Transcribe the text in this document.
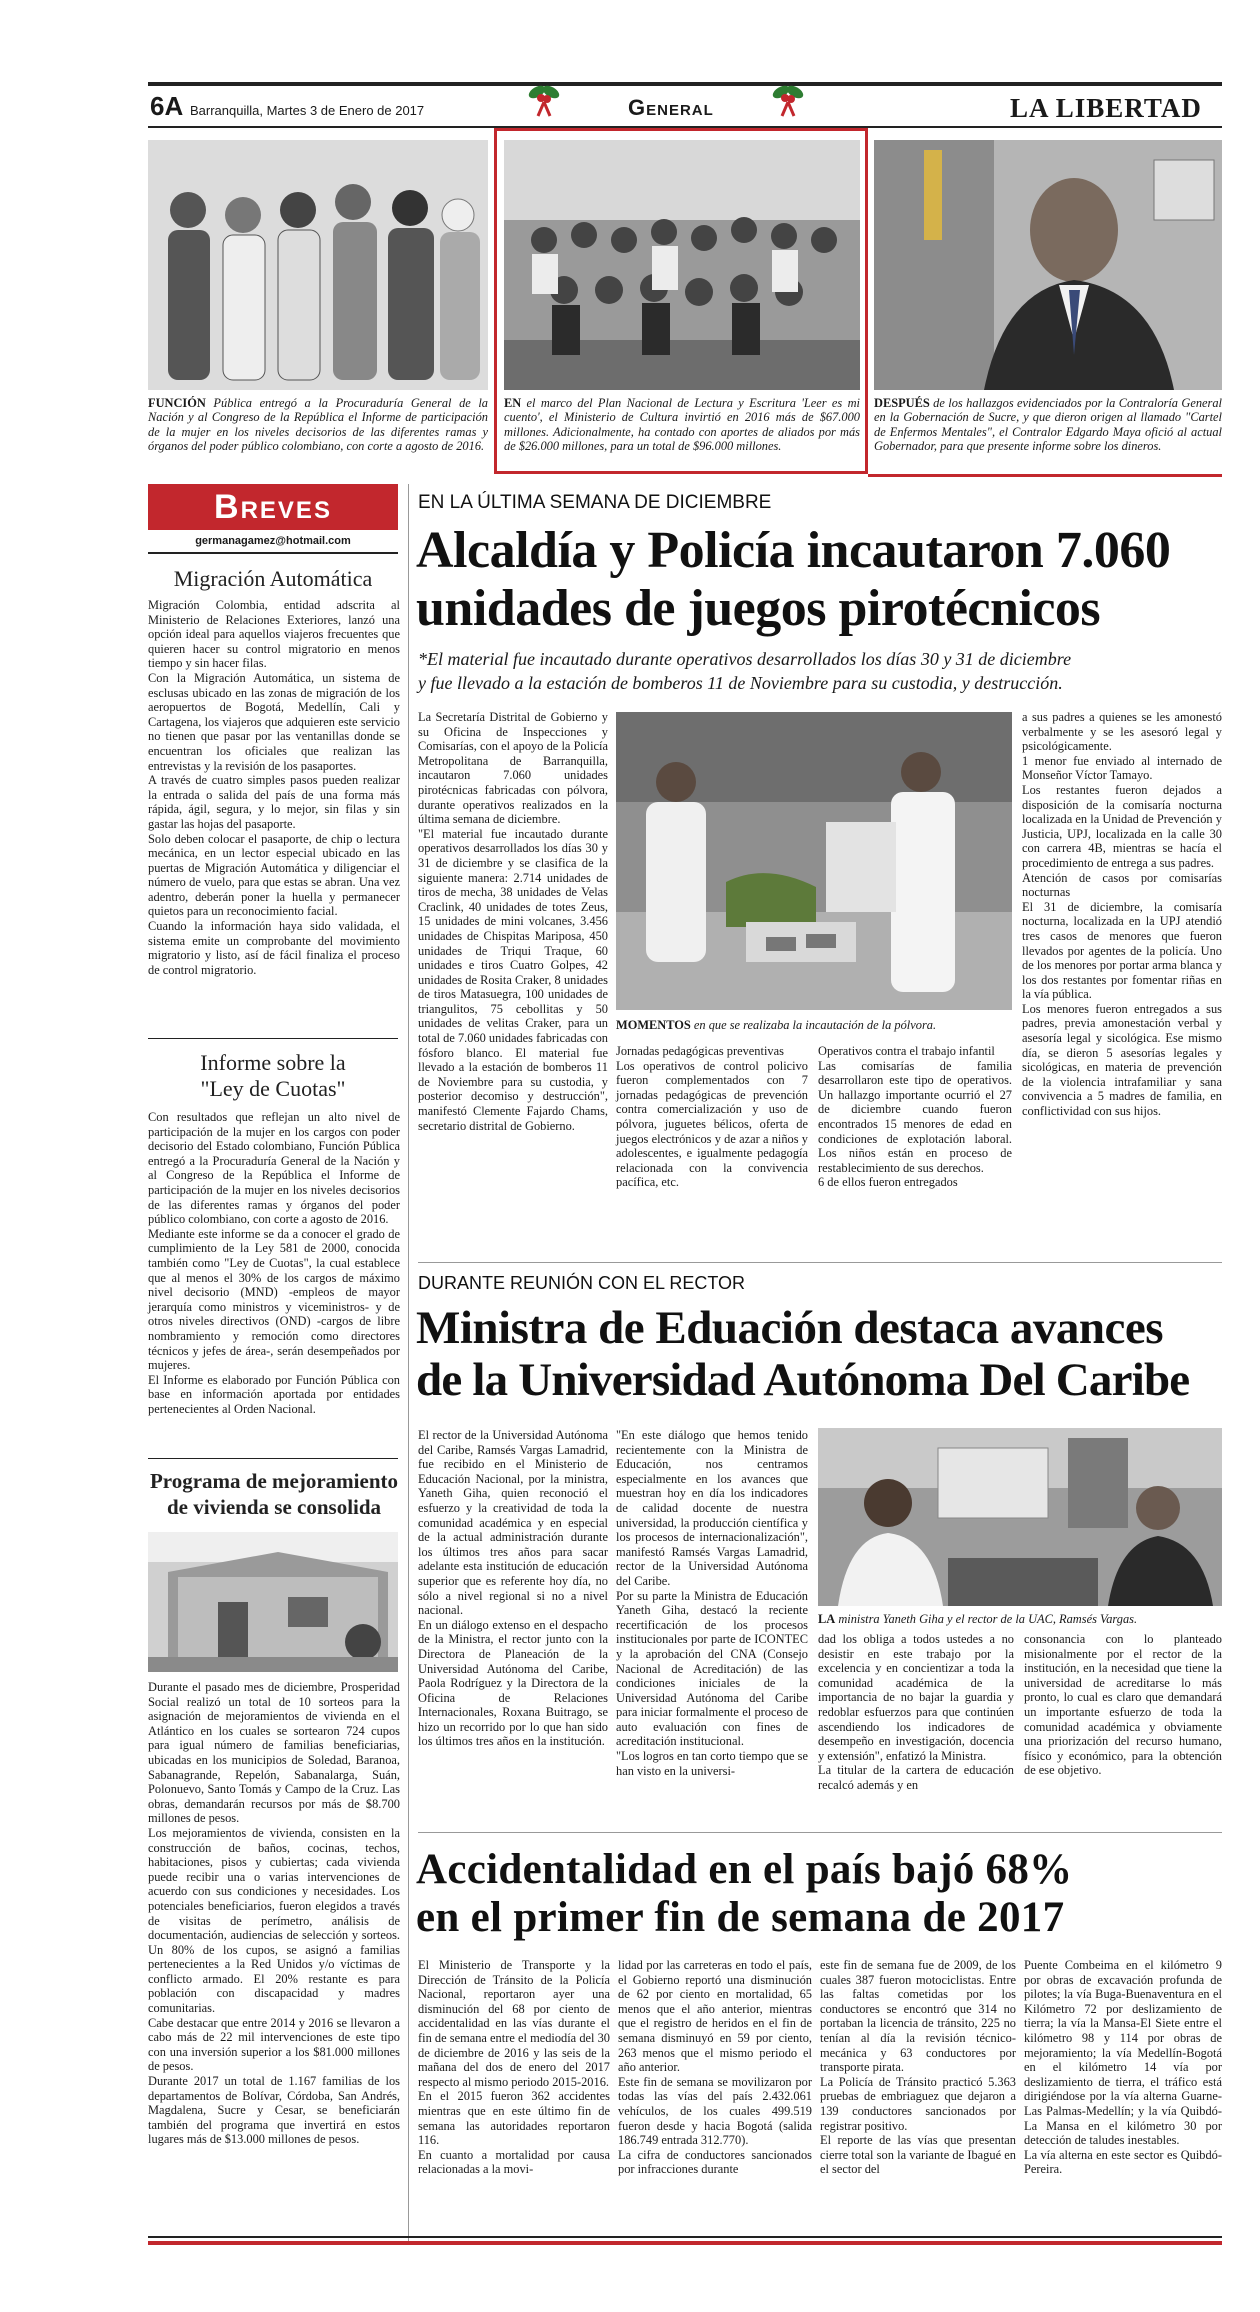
6A Barranquilla, Martes 3 de Enero de 2017	General	LA LIBERTAD
FUNCIÓN Pública entregó a la Procuraduría General de la Nación y al Congreso de la República el Informe de participación de la mujer en los niveles decisorios de las diferentes ramas y órganos del poder público colombiano, con corte a agosto de 2016.
EN el marco del Plan Nacional de Lectura y Escritura 'Leer es mi cuento', el Ministerio de Cultura invirtió en 2016 más de $67.000 millones. Adicionalmente, ha contado con aportes de aliados por más de $26.000 millones, para un total de $96.000 millones.
DESPUÉS de los hallazgos evidenciados por la Contraloría General en la Gobernación de Sucre, y que dieron origen al llamado "Cartel de Enfermos Mentales", el Contralor Edgardo Maya ofició al actual Gobernador, para que presente informe sobre los dineros.
Breves
germanagamez@hotmail.com
Migración Automática

Migración Colombia, entidad adscrita al Ministerio de Relaciones Exteriores, lanzó una opción ideal para aquellos viajeros frecuentes que quieren hacer su control migratorio en menos tiempo y sin hacer filas.

Con la Migración Automática, un sistema de esclusas ubicado en las zonas de migración de los aeropuertos de Bogotá, Medellín, Cali y Cartagena, los viajeros que adquieren este servicio no tienen que pasar por las ventanillas donde se encuentran los oficiales que realizan las entrevistas y la revisión de los pasaportes.

A través de cuatro simples pasos pueden realizar la entrada o salida del país de una forma más rápida, ágil, segura, y lo mejor, sin filas y sin gastar las hojas del pasaporte.

Solo deben colocar el pasaporte, de chip o lectura mecánica, en un lector especial ubicado en las puertas de Migración Automática y diligenciar el número de vuelo, para que estas se abran. Una vez adentro, deberán poner la huella y permanecer quietos para un reconocimiento facial.

Cuando la información haya sido validada, el sistema emite un comprobante del movimiento migratorio y listo, así de fácil finaliza el proceso de control migratorio.

Informe sobre la "Ley de Cuotas"

Con resultados que reflejan un alto nivel de participación de la mujer en los cargos con poder decisorio del Estado colombiano, Función Pública entregó a la Procuraduría General de la Nación y al Congreso de la República el Informe de participación de la mujer en los niveles decisorios de las diferentes ramas y órganos del poder público colombiano, con corte a agosto de 2016.

Mediante este informe se da a conocer el grado de cumplimiento de la Ley 581 de 2000, conocida también como "Ley de Cuotas", la cual establece que al menos el 30% de los cargos de máximo nivel decisorio (MND) -empleos de mayor jerarquía como ministros y viceministros- y de otros niveles directivos (OND) -cargos de libre nombramiento y remoción como directores técnicos y jefes de área-, serán desempeñados por mujeres.

El Informe es elaborado por Función Pública con base en información aportada por entidades pertenecientes al Orden Nacional.

Programa de mejoramiento de vivienda se consolida

Durante el pasado mes de diciembre, Prosperidad Social realizó un total de 10 sorteos para la asignación de mejoramientos de vivienda en el Atlántico en los cuales se sortearon 724 cupos para igual número de familias beneficiarias, ubicadas en los municipios de Soledad, Baranoa, Sabanagrande, Repelón, Sabanalarga, Suán, Polonuevo, Santo Tomás y Campo de la Cruz. Las obras, demandarán recursos por más de $8.700 millones de pesos.

Los mejoramientos de vivienda, consisten en la construcción de baños, cocinas, techos, habitaciones, pisos y cubiertas; cada vivienda puede recibir una o varias intervenciones de acuerdo con sus condiciones y necesidades. Los potenciales beneficiarios, fueron elegidos a través de visitas de perímetro, análisis de documentación, audiencias de selección y sorteos. Un 80% de los cupos, se asignó a familias pertenecientes a la Red Unidos y/o víctimas de conflicto armado. El 20% restante es para población con discapacidad y madres comunitarias.

Cabe destacar que entre 2014 y 2016 se llevaron a cabo más de 22 mil intervenciones de este tipo con una inversión superior a los $81.000 millones de pesos.

Durante 2017 un total de 1.167 familias de los departamentos de Bolívar, Córdoba, San Andrés, Magdalena, Sucre y Cesar, se beneficiarán también del programa que invertirá en estos lugares más de $13.000 millones de pesos.

EN LA ÚLTIMA SEMANA DE DICIEMBRE
Alcaldía y Policía incautaron 7.060
unidades de juegos pirotécnicos
*El material fue incautado durante operativos desarrollados los días 30 y 31 de diciembre
y fue llevado a la estación de bomberos 11 de Noviembre para su custodia, y destrucción.

La Secretaría Distrital de Gobierno y su Oficina de Inspecciones y Comisarías, con el apoyo de la Policía Metropolitana de Barranquilla, incautaron 7.060 unidades pirotécnicas fabricadas con pólvora, durante operativos realizados en la última semana de diciembre.

"El material fue incautado durante operativos desarrollados los días 30 y 31 de diciembre y se clasifica de la siguiente manera: 2.714 unidades de tiros de mecha, 38 unidades de Velas Craclink, 40 unidades de totes Zeus, 15 unidades de mini volcanes, 3.456 unidades de Chispitas Mariposa, 450 unidades de Triqui Traque, 60 unidades e tiros Cuatro Golpes, 42 unidades de Rosita Craker, 8 unidades de tiros Matasuegra, 100 unidades de triangulitos, 75 cebollitas y 50 unidades de velitas Craker, para un total de 7.060 unidades fabricadas con fósforo blanco. El material fue llevado a la estación de bomberos 11 de Noviembre para su custodia, y posterior decomiso y destrucción", manifestó Clemente Fajardo Chams, secretario distrital de Gobierno.

MOMENTOS en que se realizaba la incautación de la pólvora.

Jornadas pedagógicas preventivas

Los operativos de control policivo fueron complementados con 7 jornadas pedagógicas de prevención contra comercialización y uso de pólvora, juguetes bélicos, oferta de juegos electrónicos y de azar a niños y adolescentes, e igualmente pedagogía relacionada con la convivencia pacífica, etc.

Operativos contra el trabajo infantil

Las comisarías de familia desarrollaron este tipo de operativos. Un hallazgo importante ocurrió el 27 de diciembre cuando fueron encontrados 15 menores de edad en condiciones de explotación laboral. Los niños están en proceso de restablecimiento de sus derechos.

6 de ellos fueron entregados

a sus padres a quienes se les amonestó verbalmente y se les asesoró legal y psicológicamente.

1 menor fue enviado al internado de Monseñor Víctor Tamayo.

Los restantes fueron dejados a disposición de la comisaría nocturna localizada en la Unidad de Prevención y Justicia, UPJ, localizada en la calle 30 con carrera 4B, mientras se hacía el procedimiento de entrega a sus padres.

Atención de casos por comisarías nocturnas

El 31 de diciembre, la comisaría nocturna, localizada en la UPJ atendió tres casos de menores que fueron llevados por agentes de la policía. Uno de los menores por portar arma blanca y los dos restantes por fomentar riñas en la vía pública.

Los menores fueron entregados a sus padres, previa amonestación verbal y asesoría legal y sicológica. Ese mismo día, se dieron 5 asesorías legales y sicológicas, en materia de prevención de la violencia intrafamiliar y sana convivencia a 5 madres de familia, en conflictividad con sus hijos.

DURANTE REUNIÓN CON EL RECTOR
Ministra de Eduación destaca avances
de la Universidad Autónoma Del Caribe

El rector de la Universidad Autónoma del Caribe, Ramsés Vargas Lamadrid, fue recibido en el Ministerio de Educación Nacional, por la ministra, Yaneth Giha, quien reconoció el esfuerzo y la creatividad de toda la comunidad académica y en especial de la actual administración durante los últimos tres años para sacar adelante esta institución de educación superior que es referente hoy día, no sólo a nivel regional si no a nivel nacional.

En un diálogo extenso en el despacho de la Ministra, el rector junto con la Directora de Planeación de la Universidad Autónoma del Caribe, Paola Rodríguez y la Directora de la Oficina de Relaciones Internacionales, Roxana Buitrago, se hizo un recorrido por lo que han sido los últimos tres años en la institución.

"En este diálogo que hemos tenido recientemente con la Ministra de Educación, nos centramos especialmente en los avances que muestran hoy en día los indicadores de calidad docente de nuestra universidad, la producción científica y los procesos de internacionalización", manifestó Ramsés Vargas Lamadrid, rector de la Universidad Autónoma del Caribe.

Por su parte la Ministra de Educación Yaneth Giha, destacó la reciente recertificación de los procesos institucionales por parte de ICONTEC y la aprobación del CNA (Consejo Nacional de Acreditación) de las condiciones iniciales de la Universidad Autónoma del Caribe para iniciar formalmente el proceso de auto evaluación con fines de acreditación institucional.

"Los logros en tan corto tiempo que se han visto en la universi-

LA ministra Yaneth Giha y el rector de la UAC, Ramsés Vargas.

dad los obliga a todos ustedes a no desistir en este trabajo por la excelencia y en concientizar a toda la comunidad académica de la importancia de no bajar la guardia y redoblar esfuerzos para que continúen ascendiendo los indicadores de desempeño en investigación, docencia y extensión", enfatizó la Ministra.

La titular de la cartera de educación recalcó además y en

consonancia con lo planteado misionalmente por el rector de la institución, en la necesidad que tiene la universidad de acreditarse lo más pronto, lo cual es claro que demandará un importante esfuerzo de toda la comunidad académica y obviamente una priorización del recurso humano, físico y económico, para la obtención de ese objetivo.

Accidentalidad en el país bajó 68%
en el primer fin de semana de 2017

El Ministerio de Transporte y la Dirección de Tránsito de la Policía Nacional, reportaron ayer una disminución del 68 por ciento de accidentalidad en las vías durante el fin de semana entre el mediodía del 30 de diciembre de 2016 y las seis de la mañana del dos de enero del 2017 respecto al mismo periodo 2015-2016.

En el 2015 fueron 362 accidentes mientras que en este último fin de semana las autoridades reportaron 116.

En cuanto a mortalidad por causa relacionadas a la movi-

lidad por las carreteras en todo el país, el Gobierno reportó una disminución de 62 por ciento en mortalidad, 65 menos que el año anterior, mientras que el registro de heridos en el fin de semana disminuyó en 59 por ciento, 263 menos que el mismo periodo el año anterior.

Este fin de semana se movilizaron por todas las vías del país 2.432.061 vehículos, de los cuales 499.519 fueron desde y hacia Bogotá (salida 186.749 entrada 312.770).

La cifra de conductores sancionados por infracciones durante

este fin de semana fue de 2009, de los cuales 387 fueron motociclistas. Entre las faltas cometidas por los conductores se encontró que 314 no portaban la licencia de tránsito, 225 no tenían al día la revisión técnico-mecánica y 63 conductores por transporte pirata.

La Policía de Tránsito practicó 5.363 pruebas de embriaguez que dejaron a 139 conductores sancionados por registrar positivo.

El reporte de las vías que presentan cierre total son la variante de Ibagué en el sector del

Puente Combeima en el kilómetro 9 por obras de excavación profunda de pilotes; la vía Buga-Buenaventura en el Kilómetro 72 por deslizamiento de tierra; la vía la Mansa-El Siete entre el kilómetro 98 y 114 por obras de mejoramiento; la vía Medellín-Bogotá en el kilómetro 14 vía por deslizamiento de tierra, el tráfico está dirigiéndose por la vía alterna Guarne-Las Palmas-Medellín; y la vía Quibdó-La Mansa en el kilómetro 30 por detección de taludes inestables.

La vía alterna en este sector es Quibdó-Pereira.
